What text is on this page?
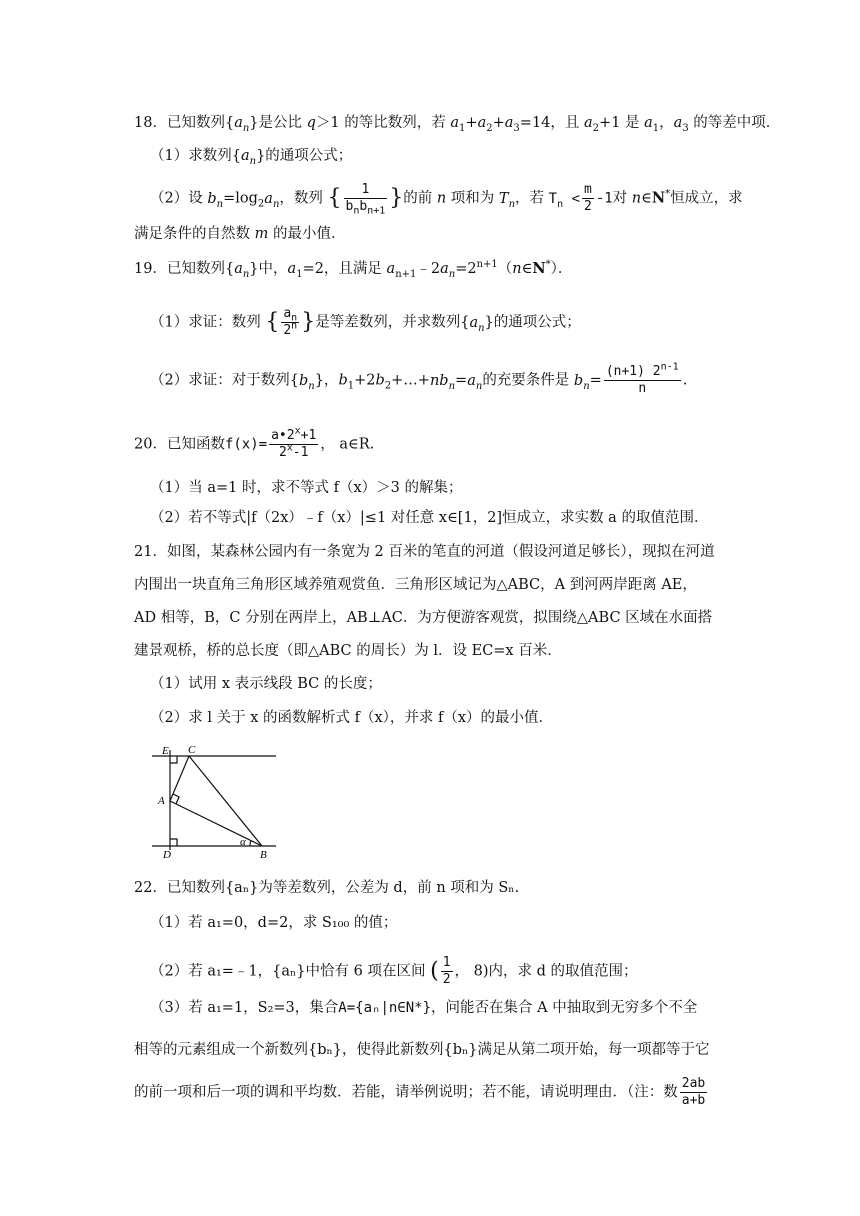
18．已知数列$\{a_n\}$是公比 q＞1 的等比数列，若 $a_1+a_2+a_3=14$，且 $a_2+1$ 是 $a_1$，$a_3$ 的等差中项．
（1）求数列$\{a_n\}$的通项公式；
（2）设 $b_n=\log_2a_n$，数列 { $\frac{1}{b_nb_{n+1}}$ }的前 n 项和为 $T_n$，若 $T_n < \frac{m}{2} -1$对 n∈N*恒成立，求
满足条件的自然数 m 的最小值．
19．已知数列$\{a_n\}$中，$a_1=2$，且满足 $a_{n+1}﹣2a_n=2^{n+1}(n\in N^*)$．
（1）求证：数列 { $\frac{a_n}{2^n}$ }是等差数列，并求数列$\{a_n\}$的通项公式；
（2）求证：对于数列$\{b_n\}$，$b_1+2b_2+\dots+nb_n=a_n$的充要条件是 $b_n= \frac{(n+1) 2^{n-1}}{n}$ .
20．已知函数$f(x)= \frac{a•2^x+1}{2^x-1}$ ， a∈R.
（1）当 a=1 时，求不等式 f（x）＞3 的解集；
（2）若不等式|f（2x）﹣f（x）|≤1 对任意 x∈[1，2]恒成立，求实数 a 的取值范围．
21．如图，某森林公园内有一条宽为 2 百米的笔直的河道（假设河道足够长），现拟在河道
内围出一块直角三角形区域养殖观赏鱼．三角形区域记为△ABC，A 到河两岸距离 AE，
AD 相等，B，C 分别在两岸上，AB⊥AC．为方便游客观赏，拟围绕△ABC 区域在水面搭
建景观桥，桥的总长度（即△ABC 的周长）为 l．设 EC=x 百米．
（1）试用 x 表示线段 BC 的长度；
（2）求 l 关于 x 的函数解析式 f（x），并求 f（x）的最小值．
E C
A
D	B
α
22．已知数列{aₙ}为等差数列，公差为 d，前 n 项和为 Sₙ.
（1）若 a₁=0，d=2，求 S₁₀₀ 的值；
（2）若 a₁=﹣1，{aₙ}中恰有 6 项在区间 ( $\frac{1}{2}$ ， 8)内，求 d 的取值范围；
（3）若 a₁=1，S₂=3，集合A={aₙ|n∈N*}，问能否在集合 A 中抽取到无穷多个不全
相等的元素组成一个新数列{bₙ}，使得此新数列{bₙ}满足从第二项开始，每一项都等于它
的前一项和后一项的调和平均数．若能，请举例说明；若不能，请说明理由．（注：数 $\frac{2ab}{a+b}$
